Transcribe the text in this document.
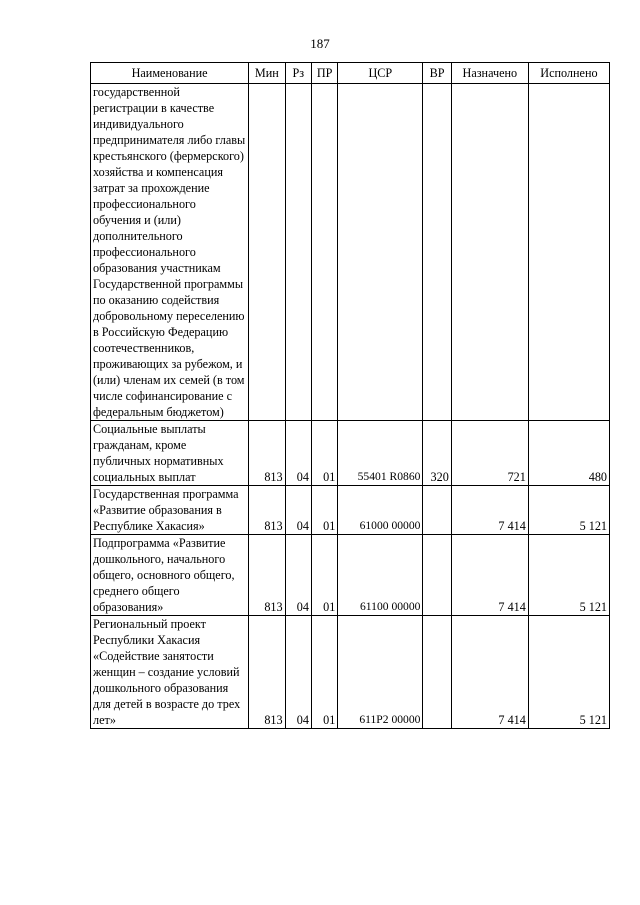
187
Наименование	Мин	Рз	ПР	ЦСР	ВР	Назначено	Исполнено
государственной регистрации в качестве индивидуального предпринимателя либо главы крестьянского (фермерского) хозяйства и компенсация затрат за прохождение профессионального обучения и (или) дополнительного профессионального образования участникам Государственной программы по оказанию содействия добровольному переселению в Российскую Федерацию соотечественников, проживающих за рубежом, и (или) членам их семей (в том числе софинансирование с федеральным бюджетом)							
Социальные выплаты гражданам, кроме публичных нормативных социальных выплат	813	04	01	55401 R0860	320	721	480
Государственная программа «Развитие образования в Республике Хакасия»	813	04	01	61000 00000		7 414	5 121
Подпрограмма «Развитие дошкольного, начального общего, основного общего, среднего общего образования»	813	04	01	61100 00000		7 414	5 121
Региональный проект Республики Хакасия «Содействие занятости женщин – создание условий дошкольного образования для детей в возрасте до трех лет»	813	04	01	611P2 00000		7 414	5 121
